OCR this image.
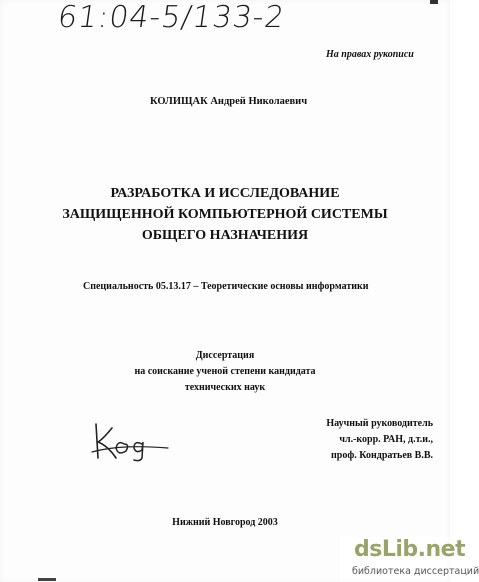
61:04-5/133-2
На правах рукописи
КОЛИЩАК Андрей Николаевич
РАЗРАБОТКА И ИССЛЕДОВАНИЕ
ЗАЩИЩЕННОЙ КОМПЬЮТЕРНОЙ СИСТЕМЫ
ОБЩЕГО НАЗНАЧЕНИЯ
Специальность 05.13.17 – Теоретические основы информатики
Диссертация
на соискание ученой степени кандидата
технических наук
Научный руководитель
чл.-корр. РАН, д.т.и.,
проф. Кондратьев В.В.
Нижний Новгород 2003
dsLib.net
библиотека диссертаций
